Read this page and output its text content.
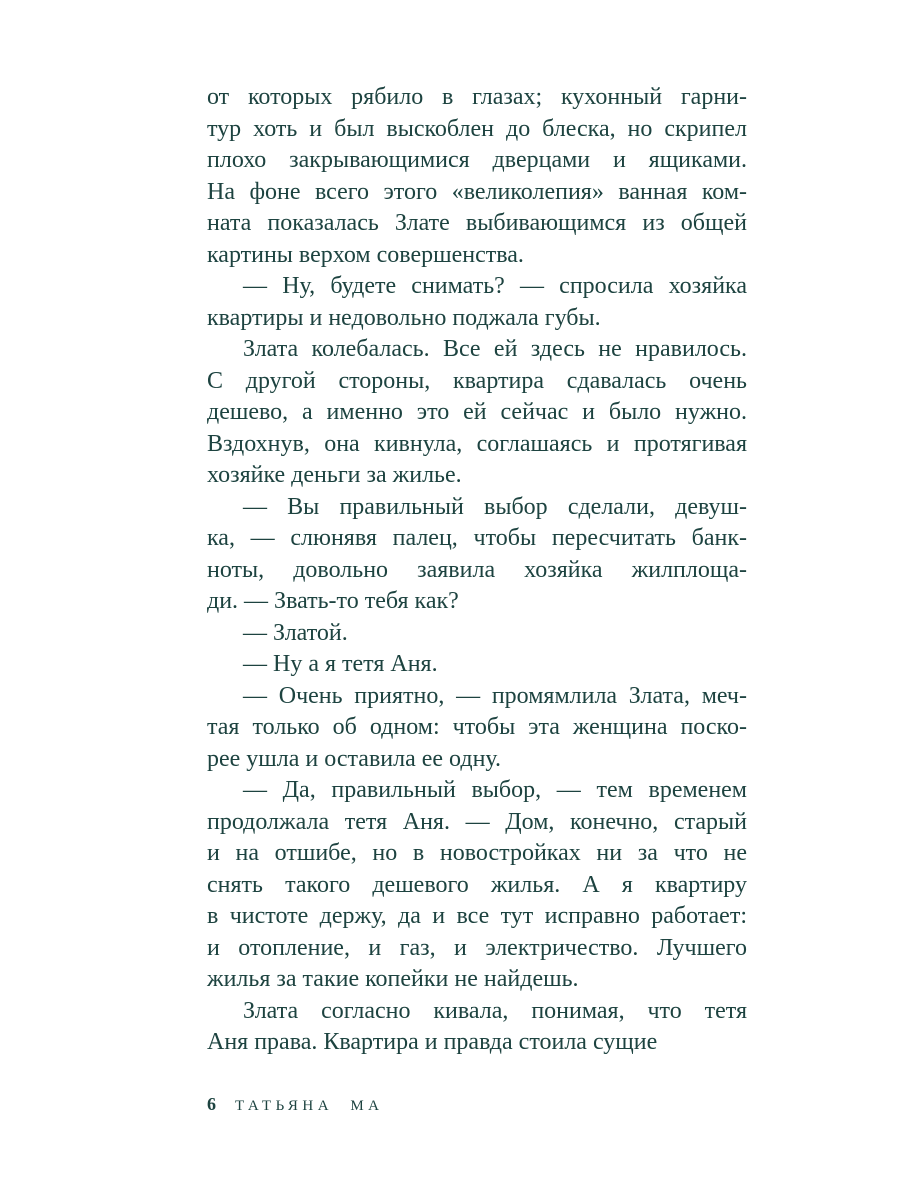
от которых рябило в глазах; кухонный гарни-
тур хоть и был выскоблен до блеска, но скрипел
плохо закрывающимися дверцами и ящиками.
На фоне всего этого «великолепия» ванная ком-
ната показалась Злате выбивающимся из общей
картины верхом совершенства.
— Ну, будете снимать? — спросила хозяйка
квартиры и недовольно поджала губы.
Злата колебалась. Все ей здесь не нравилось.
С другой стороны, квартира сдавалась очень
дешево, а именно это ей сейчас и было нужно.
Вздохнув, она кивнула, соглашаясь и протягивая
хозяйке деньги за жилье.
— Вы правильный выбор сделали, девуш-
ка, — слюнявя палец, чтобы пересчитать банк-
ноты, довольно заявила хозяйка жилплоща-
ди. — Звать-то тебя как?
— Златой.
— Ну а я тетя Аня.
— Очень приятно, — промямлила Злата, меч-
тая только об одном: чтобы эта женщина поско-
рее ушла и оставила ее одну.
— Да, правильный выбор, — тем временем
продолжала тетя Аня. — Дом, конечно, старый
и на отшибе, но в новостройках ни за что не
снять такого дешевого жилья. А я квартиру
в чистоте держу, да и все тут исправно работает:
и отопление, и газ, и электричество. Лучшего
жилья за такие копейки не найдешь.
Злата согласно кивала, понимая, что тетя
Аня права. Квартира и правда стоила сущие
6 ТАТЬЯНА МА
